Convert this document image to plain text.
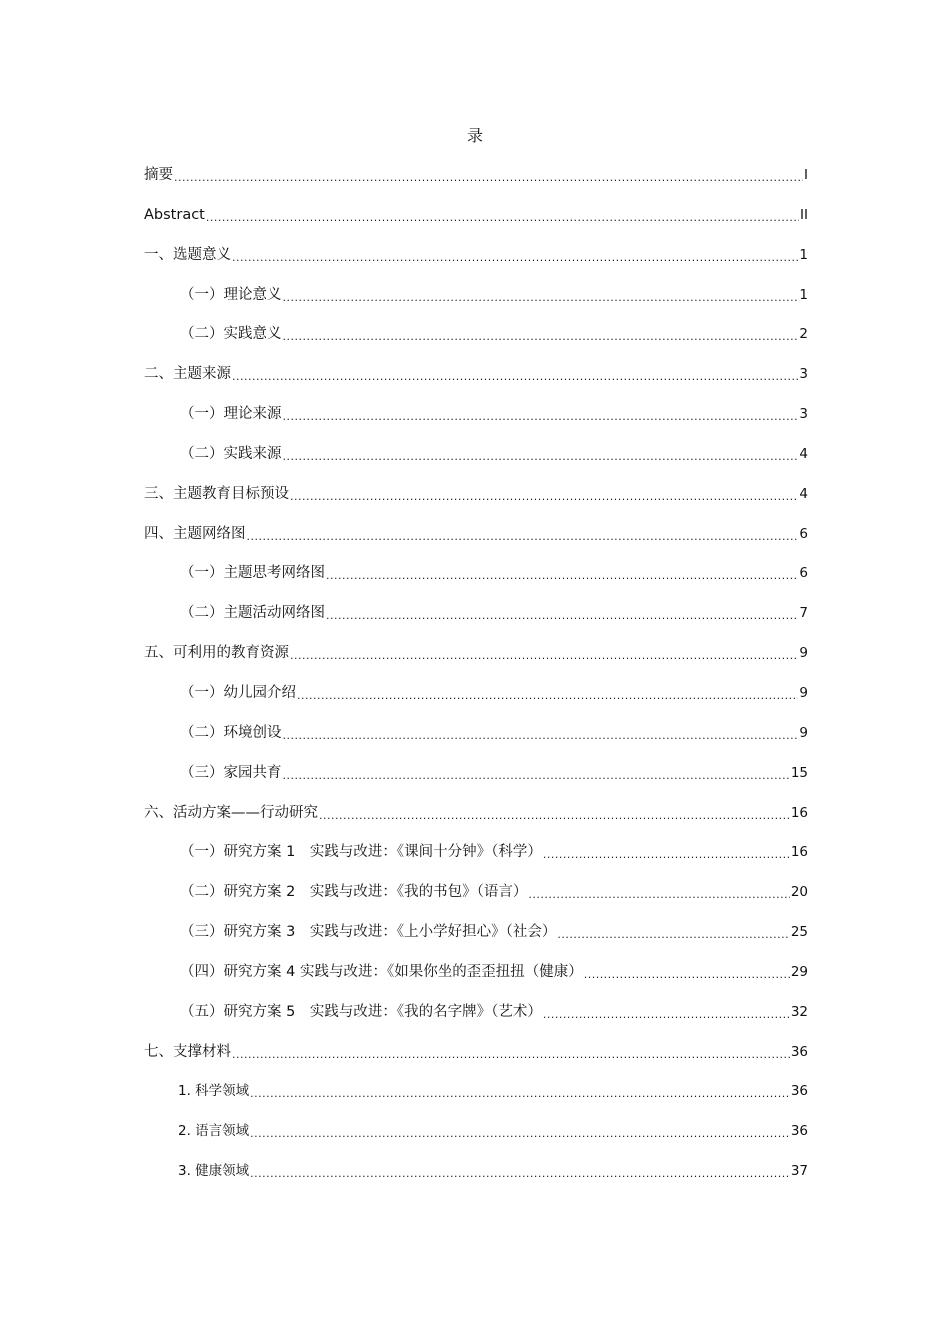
录
摘要 .....	I
Abstract .....	II
一、选题意义 .....	1
（一）理论意义 .....	1
（二）实践意义 .....	2
二、主题来源 .....	3
（一）理论来源 .....	3
（二）实践来源 .....	4
三、主题教育目标预设 .....	4
四、主题网络图 .....	6
（一）主题思考网络图 .....	6
（二）主题活动网络图 .....	7
五、可利用的教育资源 .....	9
（一）幼儿园介绍 .....	9
（二）环境创设 .....	9
（三）家园共育 .....	15
六、活动方案——行动研究 .....	16
（一）研究方案 1　实践与改进：《课间十分钟》（科学） .....	16
（二）研究方案 2　实践与改进：《我的书包》（语言） .....	20
（三）研究方案 3　实践与改进：《上小学好担心》（社会） .....	25
（四）研究方案 4 实践与改进：《如果你坐的歪歪扭扭（健康） .....	29
（五）研究方案 5　实践与改进：《我的名字牌》（艺术） .....	32
七、支撑材料 .....	36
1. 科学领域 .....	36
2. 语言领域 .....	36
3. 健康领域 .....	37
